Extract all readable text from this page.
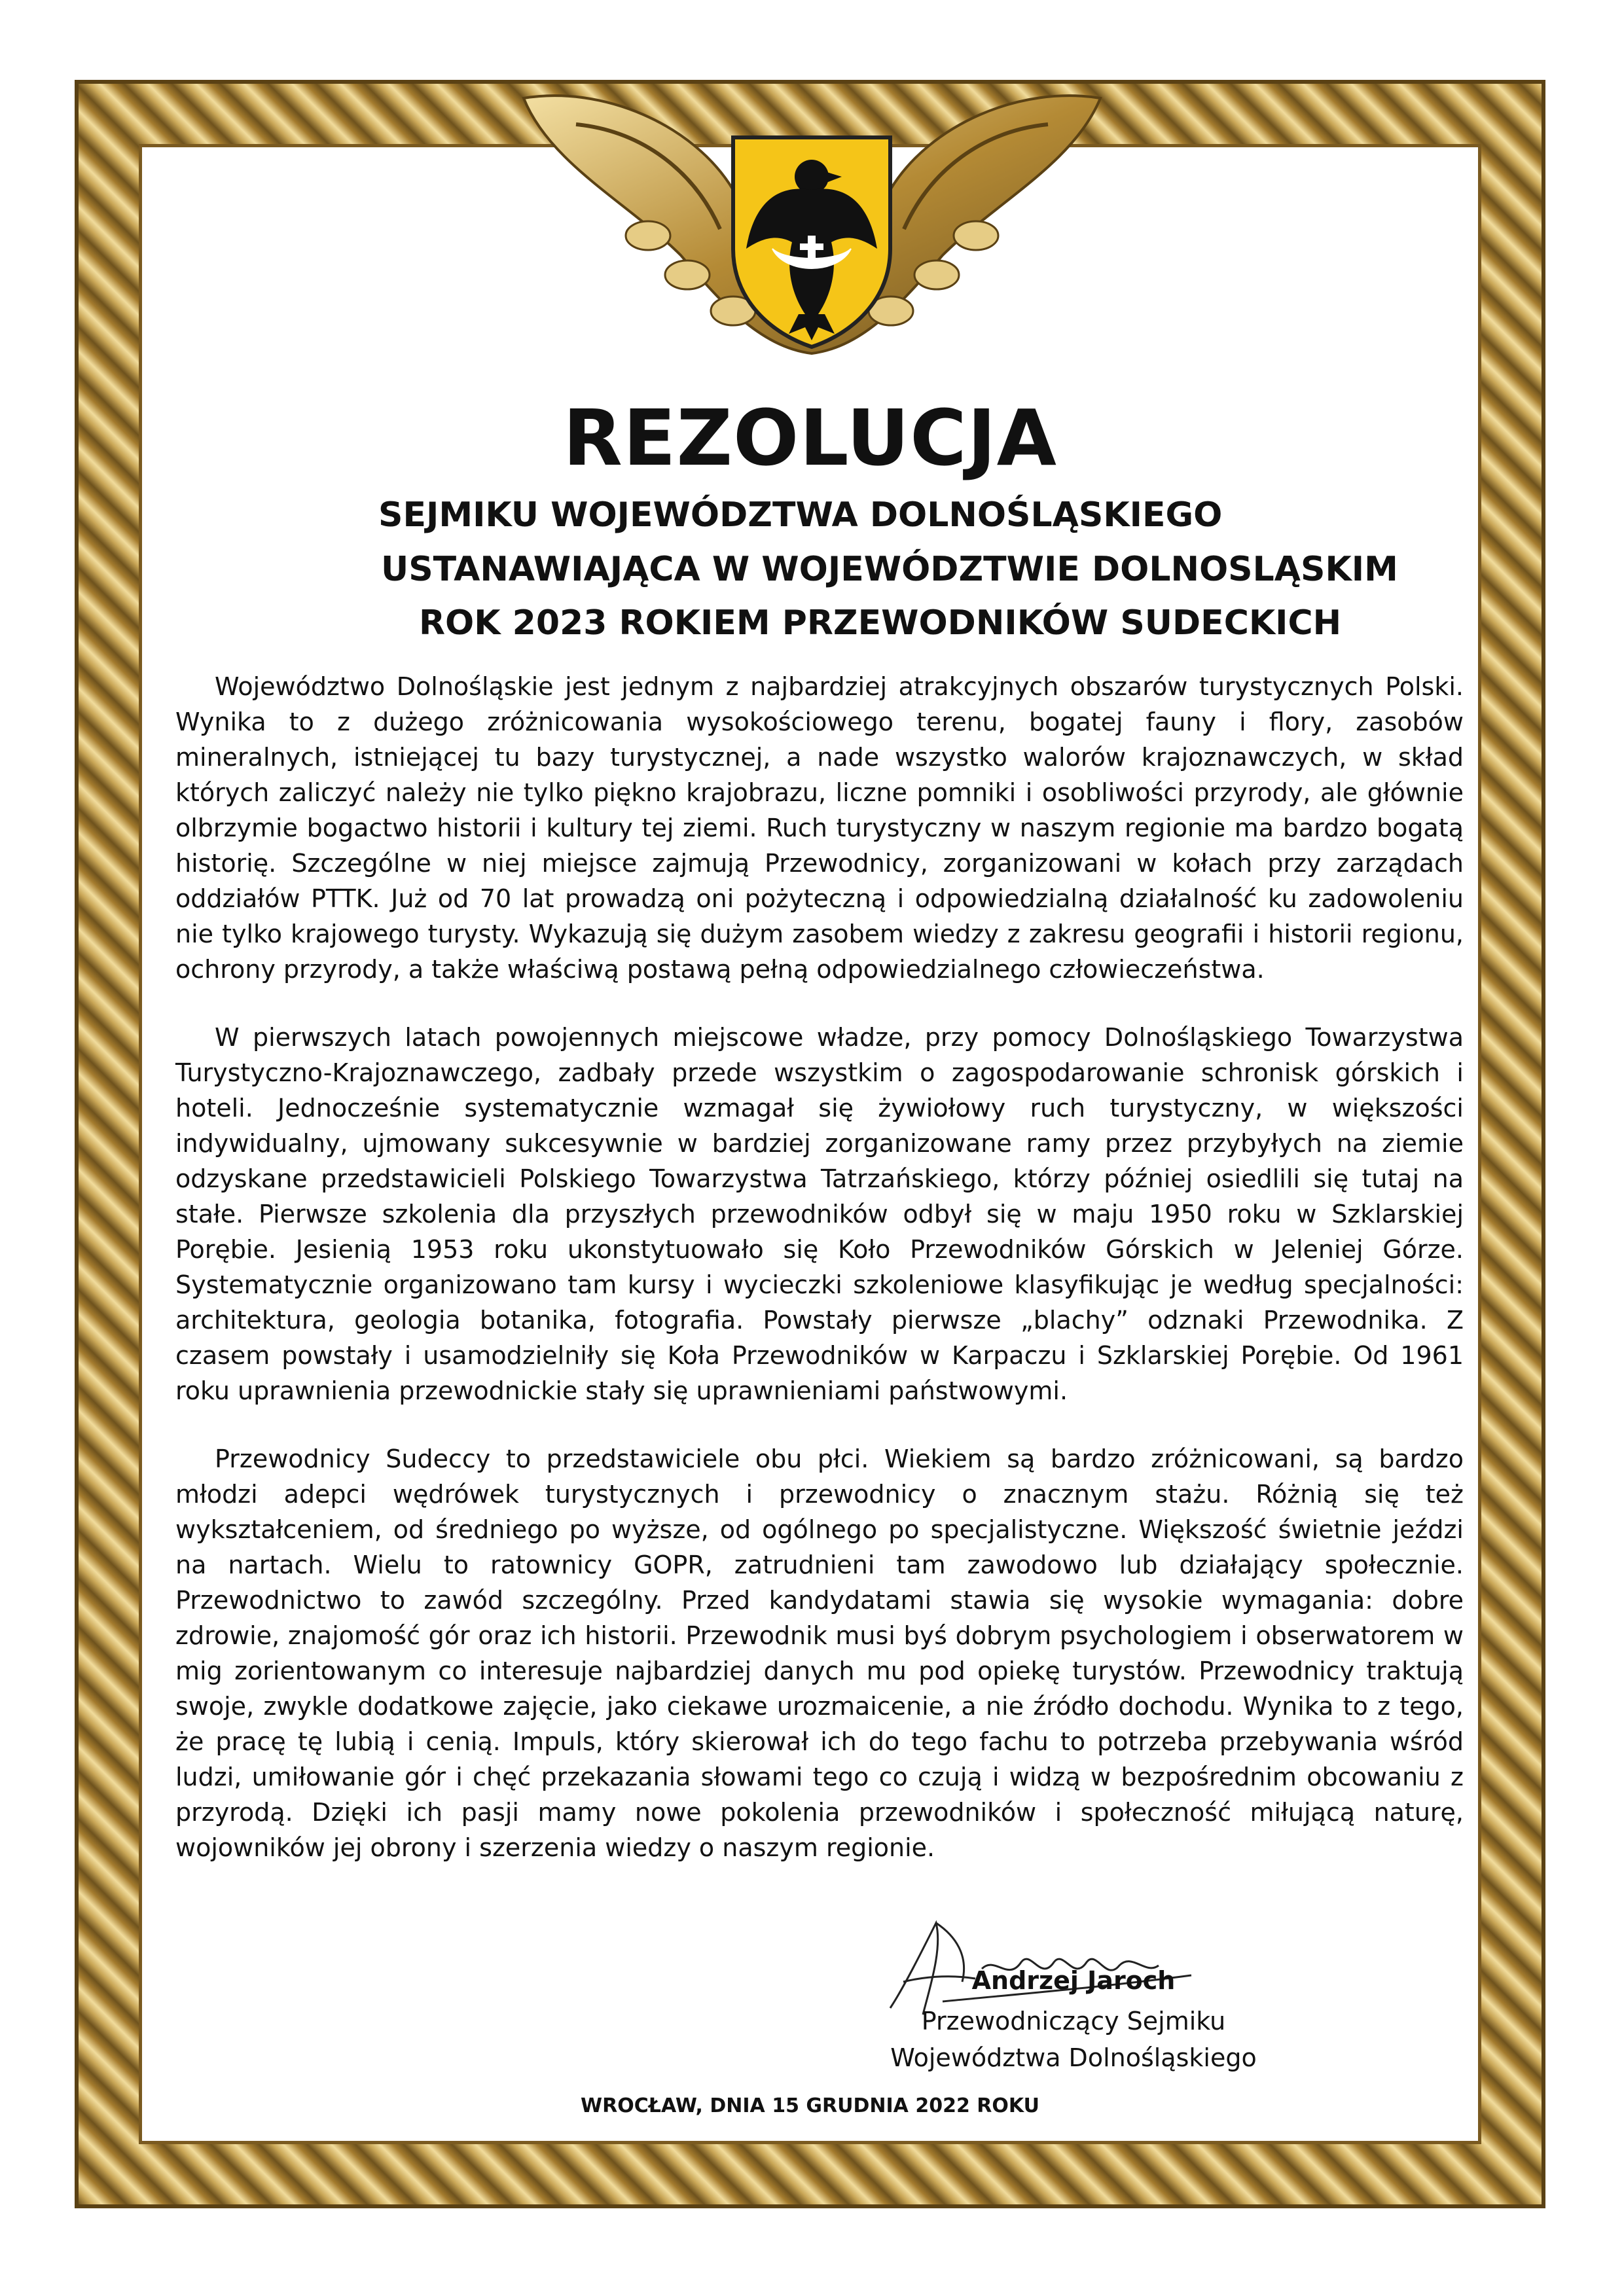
REZOLUCJA
SEJMIKU WOJEWÓDZTWA DOLNOŚLĄSKIEGO
USTANAWIAJĄCA W WOJEWÓDZTWIE DOLNOSLĄSKIM
ROK 2023 ROKIEM PRZEWODNIKÓW SUDECKICH

Województwo Dolnośląskie jest jednym z najbardziej atrakcyjnych obszarów turystycznych Polski. Wynika to z dużego zróżnicowania wysokościowego terenu, bogatej fauny i flory, zasobów mineralnych, istniejącej tu bazy turystycznej, a nade wszystko walorów krajoznawczych, w skład których zaliczyć należy nie tylko piękno krajobrazu, liczne pomniki i osobliwości przyrody, ale głównie olbrzymie bogactwo historii i kultury tej ziemi. Ruch turystyczny w naszym regionie ma bardzo bogatą historię. Szczególne w niej miejsce zajmują Przewodnicy, zorganizowani w kołach przy zarządach oddziałów PTTK. Już od 70 lat prowadzą oni pożyteczną i odpowiedzialną działalność ku zadowoleniu nie tylko krajowego turysty. Wykazują się dużym zasobem wiedzy z zakresu geografii i historii regionu, ochrony przyrody, a także właściwą postawą pełną odpowiedzialnego człowieczeństwa.

W pierwszych latach powojennych miejscowe władze, przy pomocy Dolnośląskiego Towarzystwa Turystyczno-Krajoznawczego, zadbały przede wszystkim o zagospodarowanie schronisk górskich i hoteli. Jednocześnie systematycznie wzmagał się żywiołowy ruch turystyczny, w większości indywidualny, ujmowany sukcesywnie w bardziej zorganizowane ramy przez przybyłych na ziemie odzyskane przedstawicieli Polskiego Towarzystwa Tatrzańskiego, którzy później osiedlili się tutaj na stałe. Pierwsze szkolenia dla przyszłych przewodników odbył się w maju 1950 roku w Szklarskiej Porębie. Jesienią 1953 roku ukonstytuowało się Koło Przewodników Górskich w Jeleniej Górze. Systematycznie organizowano tam kursy i wycieczki szkoleniowe klasyfikując je według specjalności: architektura, geologia botanika, fotografia. Powstały pierwsze „blachy” odznaki Przewodnika. Z czasem powstały i usamodzielniły się Koła Przewodników w Karpaczu i Szklarskiej Porębie. Od 1961 roku uprawnienia przewodnickie stały się uprawnieniami państwowymi.

Przewodnicy Sudeccy to przedstawiciele obu płci. Wiekiem są bardzo zróżnicowani, są bardzo młodzi adepci wędrówek turystycznych i przewodnicy o znacznym stażu. Różnią się też wykształceniem, od średniego po wyższe, od ogólnego po specjalistyczne. Większość świetnie jeździ na nartach. Wielu to ratownicy GOPR, zatrudnieni tam zawodowo lub działający społecznie. Przewodnictwo to zawód szczególny. Przed kandydatami stawia się wysokie wymagania: dobre zdrowie, znajomość gór oraz ich historii. Przewodnik musi byś dobrym psychologiem i obserwatorem w mig zorientowanym co interesuje najbardziej danych mu pod opiekę turystów. Przewodnicy traktują swoje, zwykle dodatkowe zajęcie, jako ciekawe urozmaicenie, a nie źródło dochodu. Wynika to z tego, że pracę tę lubią i cenią. Impuls, który skierował ich do tego fachu to potrzeba przebywania wśród ludzi, umiłowanie gór i chęć przekazania słowami tego co czują i widzą w bezpośrednim obcowaniu z przyrodą. Dzięki ich pasji mamy nowe pokolenia przewodników i społeczność miłującą naturę, wojowników jej obrony i szerzenia wiedzy o naszym regionie.

Andrzej Jaroch
Przewodniczący Sejmiku
Województwa Dolnośląskiego
WROCŁAW, DNIA 15 GRUDNIA 2022 ROKU
